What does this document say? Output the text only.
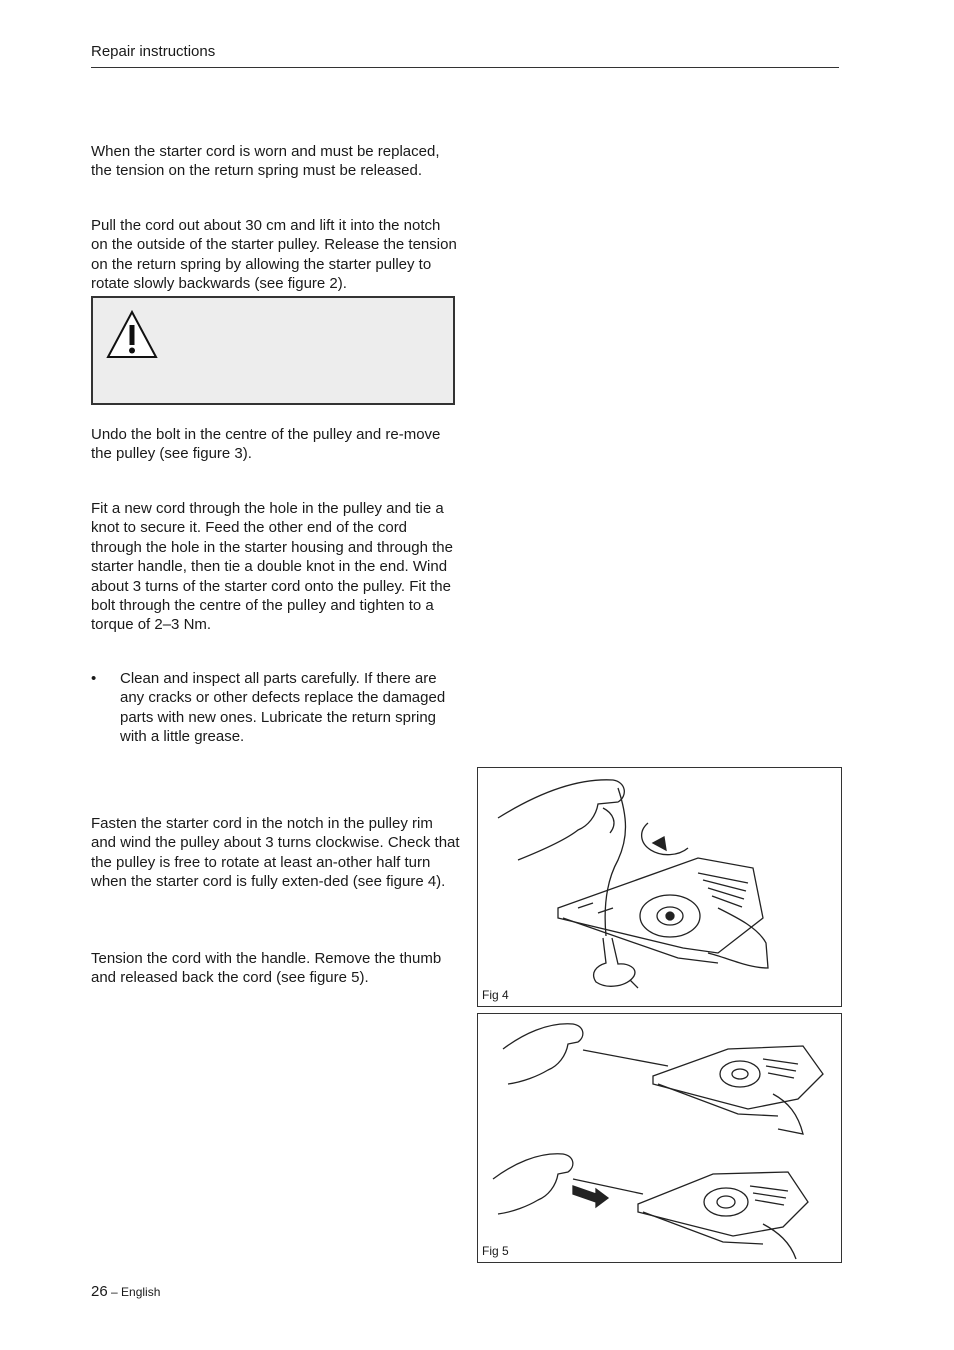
Repair instructions

When the starter cord is worn and must be replaced, the tension on the return spring must be released.

Pull the cord out about 30 cm and lift it into the notch on the outside of the starter pulley. Release the tension on the return spring by allowing the starter pulley to rotate slowly backwards (see figure 2).

Undo the bolt in the centre of the pulley and re-move the pulley (see figure 3).

Fit a new cord through the hole in the pulley and tie a knot to secure it. Feed the other end of the cord through the hole in the starter housing and through the starter handle, then tie a double knot in the end. Wind about 3 turns of the starter cord onto the pulley. Fit the bolt through the centre of the pulley and tighten to a torque of 2–3 Nm.

• Clean and inspect all parts carefully. If there are any cracks or other defects replace the damaged parts with new ones. Lubricate the return spring with a little grease.

Fasten the starter cord in the notch in the pulley rim and wind the pulley about 3 turns clockwise. Check that the pulley is free to rotate at least an-other half turn when the starter cord is fully exten-ded (see figure 4).

Tension the cord with the handle. Remove the thumb and released back the cord (see figure 5).

Fig 4
Fig 5
26 – English
